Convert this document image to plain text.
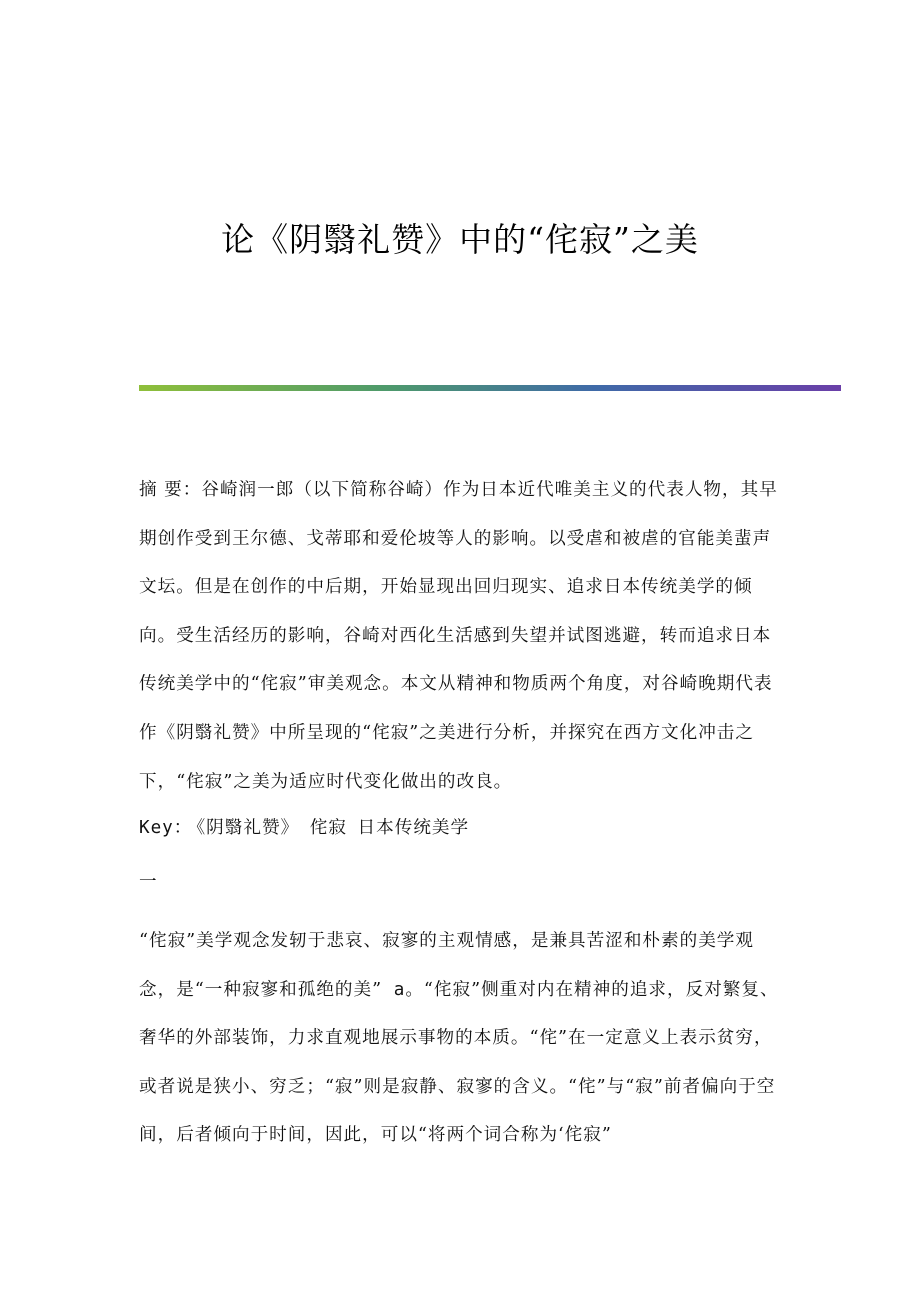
论《阴翳礼赞》中的“侘寂”之美

摘 要：谷崎润一郎（以下简称谷崎）作为日本近代唯美主义的代表人物，其早期创作受到王尔德、戈蒂耶和爱伦坡等人的影响。以受虐和被虐的官能美蜚声文坛。但是在创作的中后期，开始显现出回归现实、追求日本传统美学的倾向。受生活经历的影响，谷崎对西化生活感到失望并试图逃避，转而追求日本传统美学中的“侘寂”审美观念。本文从精神和物质两个角度，对谷崎晚期代表作《阴翳礼赞》中所呈现的“侘寂”之美进行分析，并探究在西方文化冲击之下，“侘寂”之美为适应时代变化做出的改良。

Key： 《阴翳礼赞》 侘寂 日本传统美学
一

“侘寂”美学观念发轫于悲哀、寂寥的主观情感，是兼具苦涩和朴素的美学观念，是“一种寂寥和孤绝的美” a。“侘寂”侧重对内在精神的追求，反对繁复、奢华的外部装饰，力求直观地展示事物的本质。“侘”在一定意义上表示贫穷，或者说是狭小、穷乏；“寂”则是寂静、寂寥的含义。“侘”与“寂”前者偏向于空间，后者倾向于时间，因此，可以“将两个词合称为‘侘寂”
